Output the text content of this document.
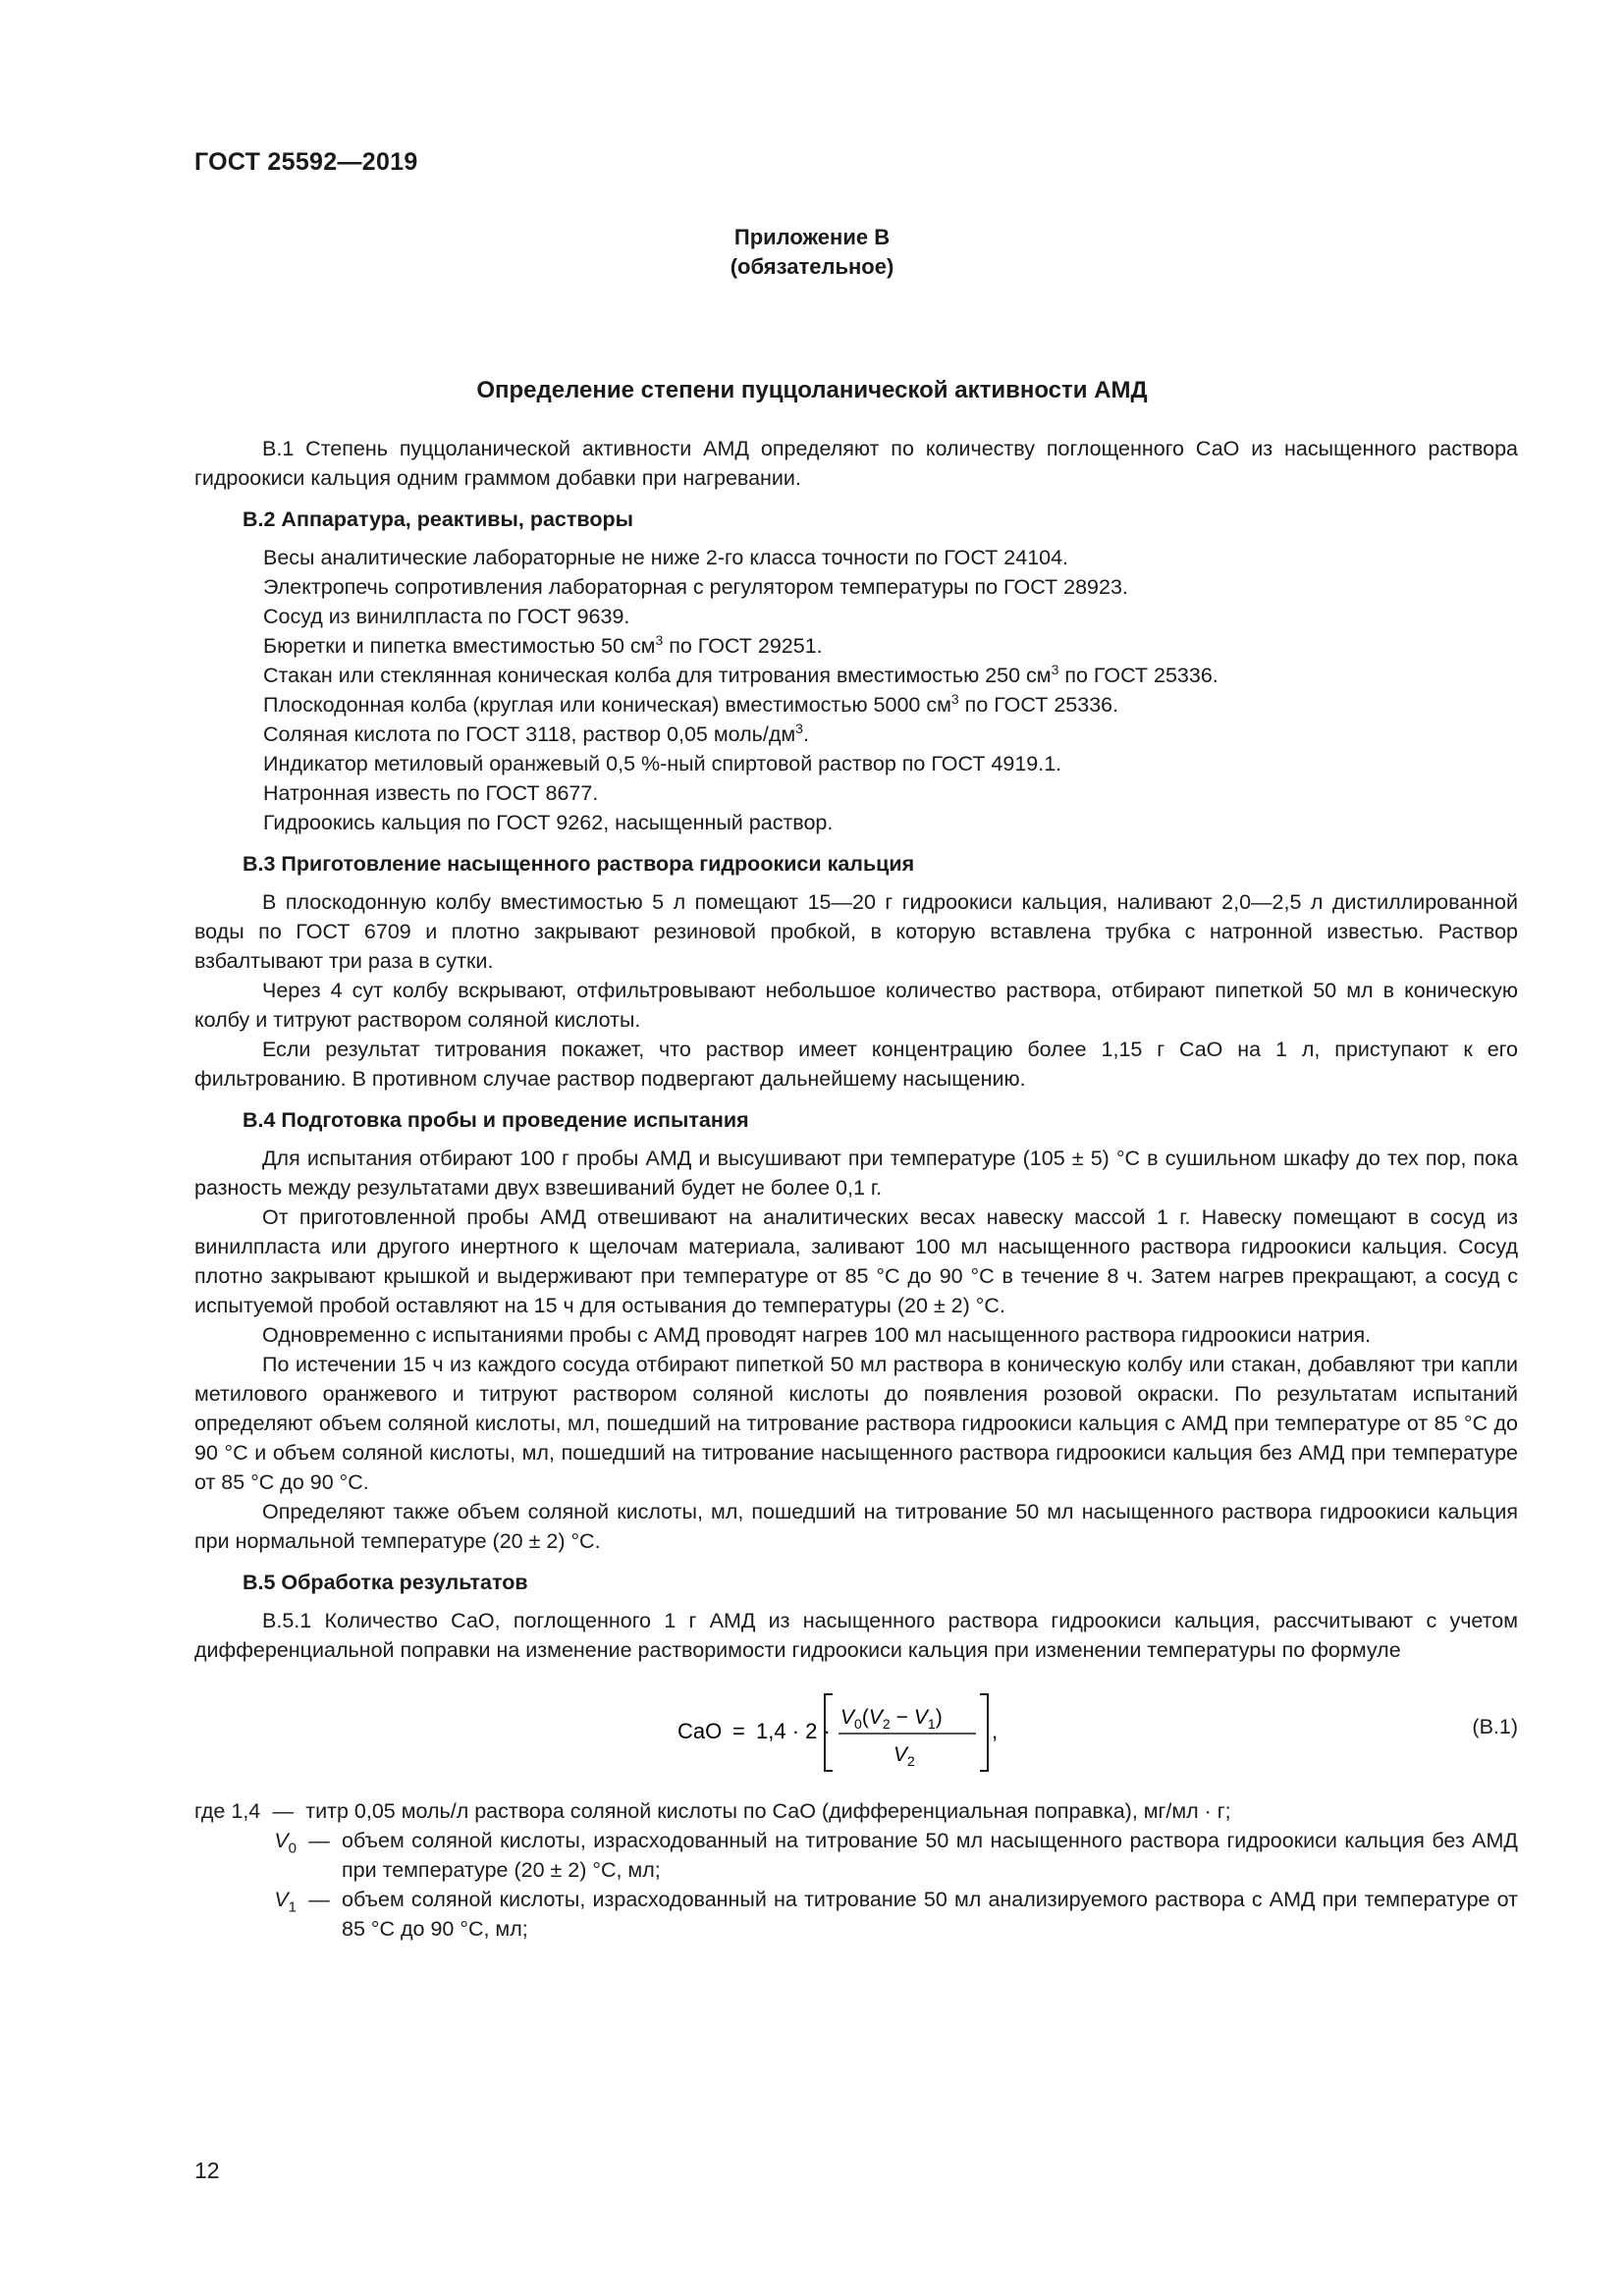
ГОСТ 25592—2019
Приложение В
(обязательное)
Определение степени пуццоланической активности АМД

В.1 Степень пуццоланической активности АМД определяют по количеству поглощенного СаО из насыщенного раствора гидроокиси кальция одним граммом добавки при нагревании.

В.2 Аппаратура, реактивы, растворы

Весы аналитические лабораторные не ниже 2-го класса точности по ГОСТ 24104.

Электропечь сопротивления лабораторная с регулятором температуры по ГОСТ 28923.

Сосуд из винилпласта по ГОСТ 9639.

Бюретки и пипетка вместимостью 50 $см^3$ по ГОСТ 29251.

Стакан или стеклянная коническая колба для титрования вместимостью 250 $см^3$ по ГОСТ 25336.

Плоскодонная колба (круглая или коническая) вместимостью 5000 $см^3$ по ГОСТ 25336.

Соляная кислота по ГОСТ 3118, раствор 0,05 моль/$дм^3$.

Индикатор метиловый оранжевый 0,5 %-ный спиртовой раствор по ГОСТ 4919.1.

Натронная известь по ГОСТ 8677.

Гидроокись кальция по ГОСТ 9262, насыщенный раствор.

В.3 Приготовление насыщенного раствора гидроокиси кальция

В плоскодонную колбу вместимостью 5 л помещают 15—20 г гидроокиси кальция, наливают 2,0—2,5 л дистиллированной воды по ГОСТ 6709 и плотно закрывают резиновой пробкой, в которую вставлена трубка с натронной известью. Раствор взбалтывают три раза в сутки.

Через 4 сут колбу вскрывают, отфильтровывают небольшое количество раствора, отбирают пипеткой 50 мл в коническую колбу и титруют раствором соляной кислоты.

Если результат титрования покажет, что раствор имеет концентрацию более 1,15 г СаО на 1 л, приступают к его фильтрованию. В противном случае раствор подвергают дальнейшему насыщению.

В.4 Подготовка пробы и проведение испытания

Для испытания отбирают 100 г пробы АМД и высушивают при температуре (105 ± 5) °С в сушильном шкафу до тех пор, пока разность между результатами двух взвешиваний будет не более 0,1 г.

От приготовленной пробы АМД отвешивают на аналитических весах навеску массой 1 г. Навеску помещают в сосуд из винилпласта или другого инертного к щелочам материала, заливают 100 мл насыщенного раствора гидроокиси кальция. Сосуд плотно закрывают крышкой и выдерживают при температуре от 85 °С до 90 °С в течение 8 ч. Затем нагрев прекращают, а сосуд с испытуемой пробой оставляют на 15 ч для остывания до температуры (20 ± 2) °С.

Одновременно с испытаниями пробы с АМД проводят нагрев 100 мл насыщенного раствора гидроокиси натрия.

По истечении 15 ч из каждого сосуда отбирают пипеткой 50 мл раствора в коническую колбу или стакан, добавляют три капли метилового оранжевого и титруют раствором соляной кислоты до появления розовой окраски. По результатам испытаний определяют объем соляной кислоты, мл, пошедший на титрование раствора гидроокиси кальция с АМД при температуре от 85 °С до 90 °С и объем соляной кислоты, мл, пошедший на титрование насыщенного раствора гидроокиси кальция без АМД при температуре от 85 °С до 90 °С.

Определяют также объем соляной кислоты, мл, пошедший на титрование 50 мл насыщенного раствора гидроокиси кальция при нормальной температуре (20 ± 2) °С.

В.5 Обработка результатов

В.5.1 Количество СаО, поглощенного 1 г АМД из насыщенного раствора гидроокиси кальция, рассчитывают с учетом дифференциальной поправки на изменение растворимости гидроокиси кальция при изменении температуры по формуле

CaO = 1,4 · 2 ·
$V_0(V_2 - V_1)$
$V_2$
,	(В.1)
где 1,4 — титр 0,05 моль/л раствора соляной кислоты по СаО (дифференциальная поправка), мг/мл · г;
$V_0$ — объем соляной кислоты, израсходованный на титрование 50 мл насыщенного раствора гидроокиси кальция без АМД при температуре (20 ± 2) °С, мл;
$V_1$ — объем соляной кислоты, израсходованный на титрование 50 мл анализируемого раствора с АМД при температуре от 85 °С до 90 °С, мл;
12
